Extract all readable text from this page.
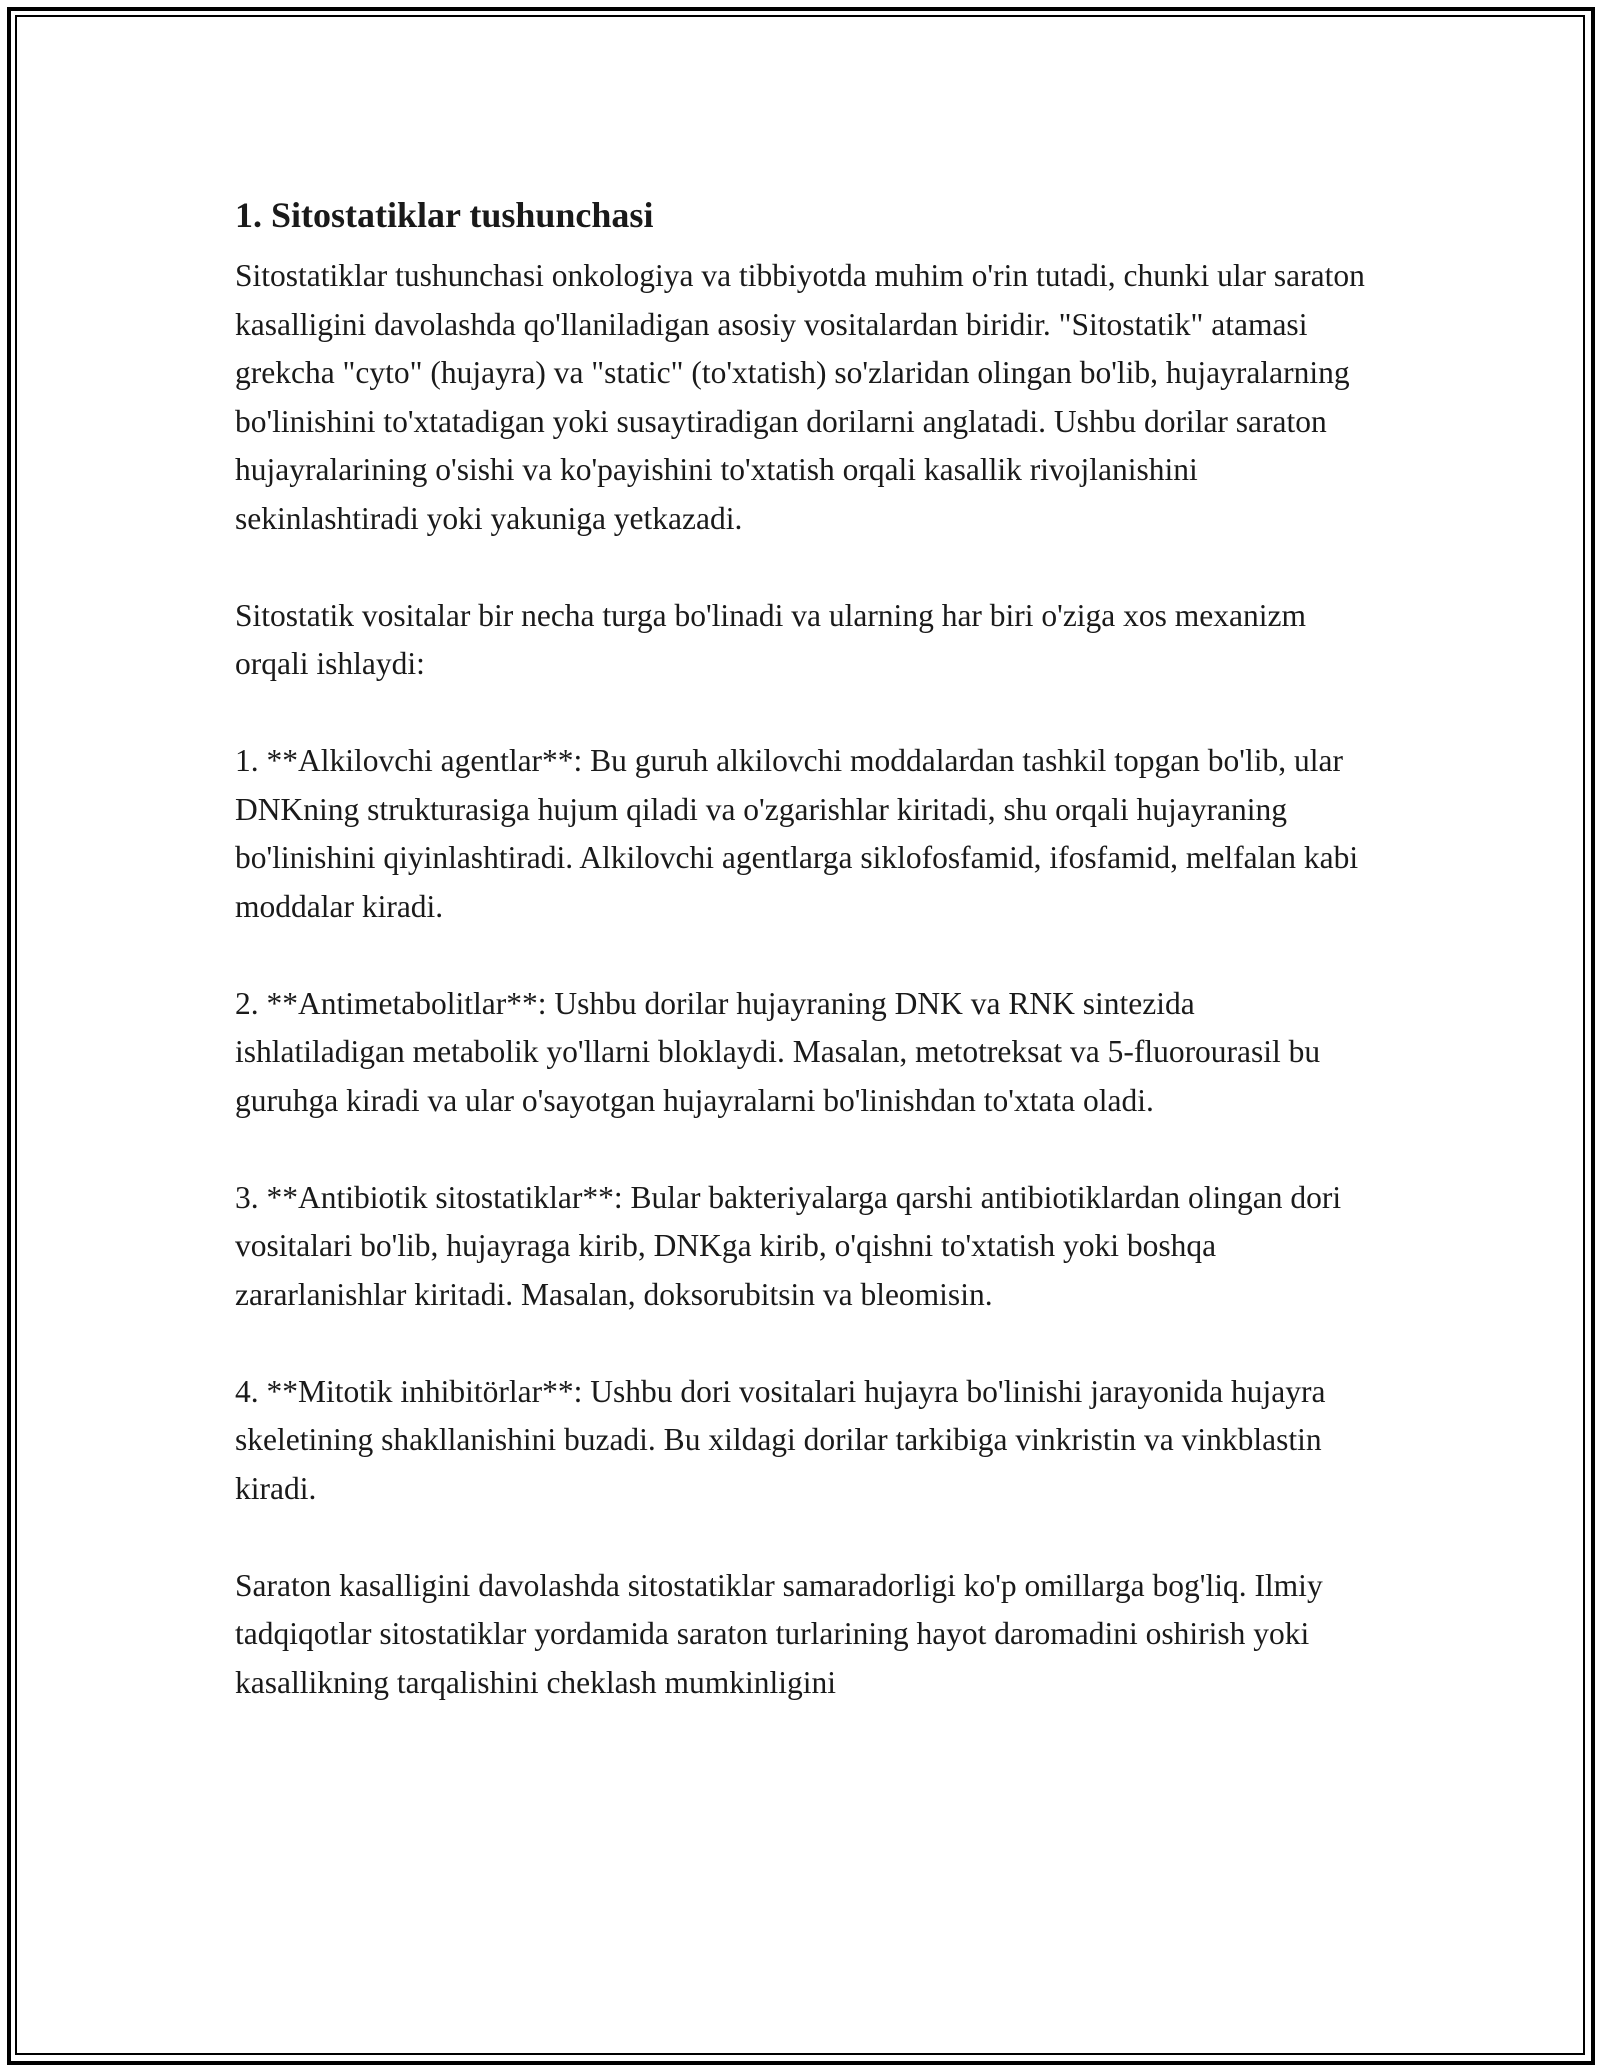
1. Sitostatiklar tushunchasi

Sitostatiklar tushunchasi onkologiya va tibbiyotda muhim o'rin tutadi, chunki ular saraton kasalligini davolashda qo'llaniladigan asosiy vositalardan biridir. "Sitostatik" atamasi grekcha "cyto" (hujayra) va "static" (to'xtatish) so'zlaridan olingan bo'lib, hujayralarning bo'linishini to'xtatadigan yoki susaytiradigan dorilarni anglatadi. Ushbu dorilar saraton hujayralarining o'sishi va ko'payishini to'xtatish orqali kasallik rivojlanishini sekinlashtiradi yoki yakuniga yetkazadi.

Sitostatik vositalar bir necha turga bo'linadi va ularning har biri o'ziga xos mexanizm orqali ishlaydi:

1. **Alkilovchi agentlar**: Bu guruh alkilovchi moddalardan tashkil topgan bo'lib, ular DNKning strukturasiga hujum qiladi va o'zgarishlar kiritadi, shu orqali hujayraning bo'linishini qiyinlashtiradi. Alkilovchi agentlarga siklofosfamid, ifosfamid, melfalan kabi moddalar kiradi.

2. **Antimetabolitlar**: Ushbu dorilar hujayraning DNK va RNK sintezida ishlatiladigan metabolik yo'llarni bloklaydi. Masalan, metotreksat va 5-fluorourasil bu guruhga kiradi va ular o'sayotgan hujayralarni bo'linishdan to'xtata oladi.

3. **Antibiotik sitostatiklar**: Bular bakteriyalarga qarshi antibiotiklardan olingan dori vositalari bo'lib, hujayraga kirib, DNKga kirib, o'qishni to'xtatish yoki boshqa zararlanishlar kiritadi. Masalan, doksorubitsin va bleomisin.

4. **Mitotik inhibitörlar**: Ushbu dori vositalari hujayra bo'linishi jarayonida hujayra skeletining shakllanishini buzadi. Bu xildagi dorilar tarkibiga vinkristin va vinkblastin kiradi.

Saraton kasalligini davolashda sitostatiklar samaradorligi ko'p omillarga bog'liq. Ilmiy tadqiqotlar sitostatiklar yordamida saraton turlarining hayot daromadini oshirish yoki kasallikning tarqalishini cheklash mumkinligini
